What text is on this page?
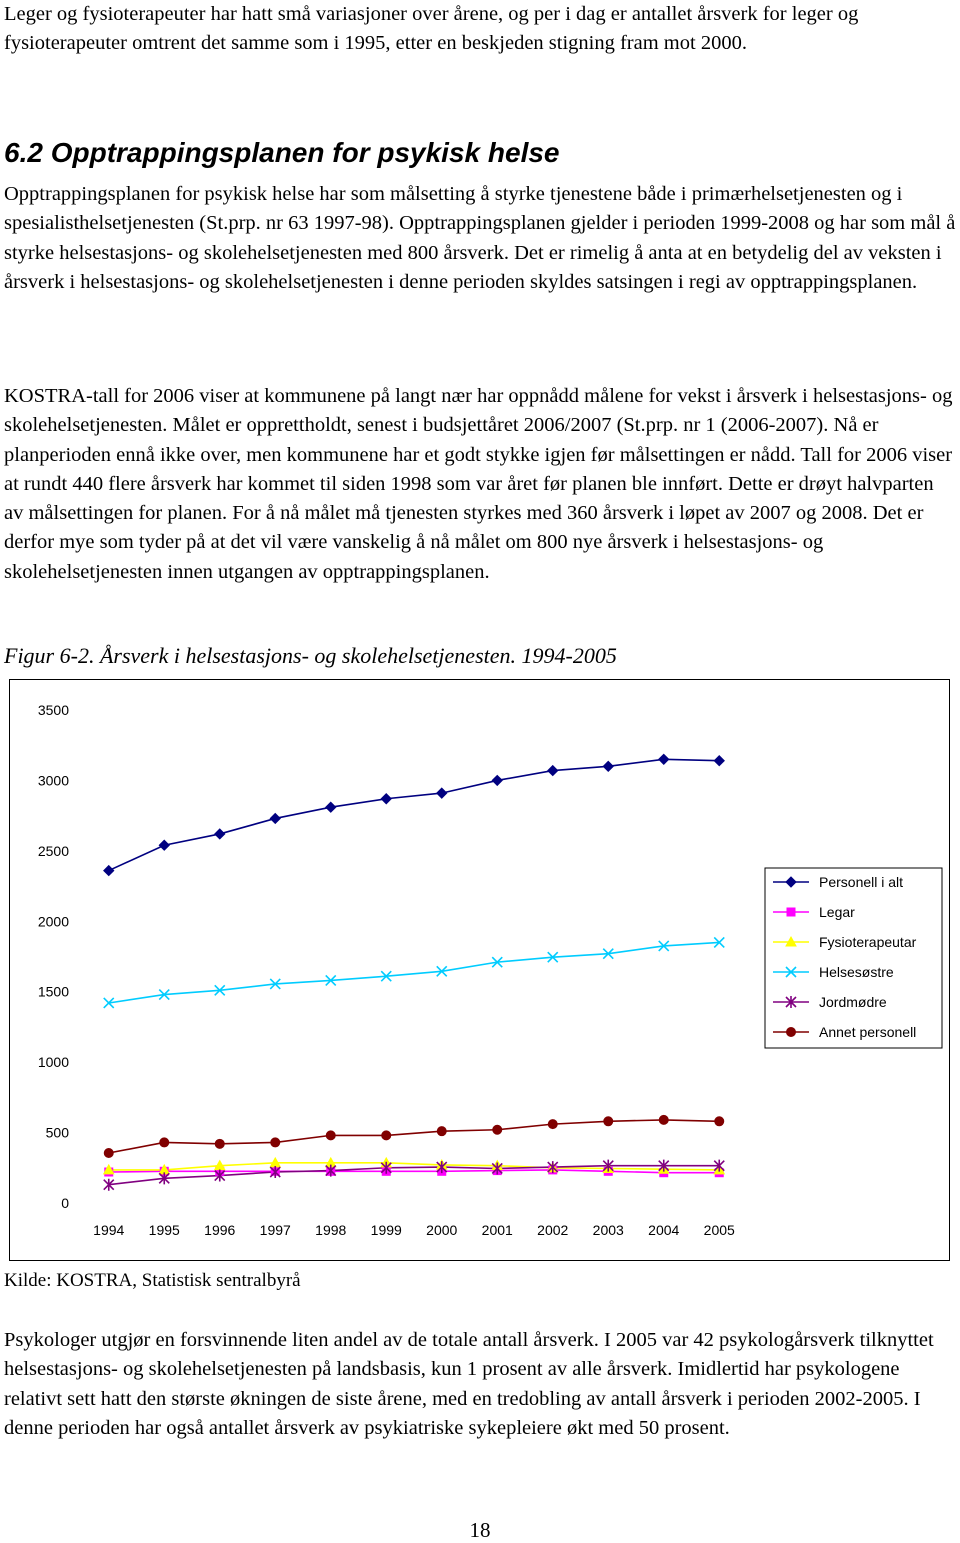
Leger og fysioterapeuter har hatt små variasjoner over årene, og per i dag er antallet årsverk for leger og fysioterapeuter omtrent det samme som i 1995, etter en beskjeden stigning fram mot 2000.

6.2 Opptrappingsplanen for psykisk helse

Opptrappingsplanen for psykisk helse har som målsetting å styrke tjenestene både i primærhelsetjenesten og i spesialisthelsetjenesten (St.prp. nr 63 1997-98). Opptrappingsplanen gjelder i perioden 1999-2008 og har som mål å styrke helsestasjons- og skolehelsetjenesten med 800 årsverk. Det er rimelig å anta at en betydelig del av veksten i årsverk i helsestasjons- og skolehelsetjenesten i denne perioden skyldes satsingen i regi av opptrappingsplanen.

KOSTRA-tall for 2006 viser at kommunene på langt nær har oppnådd målene for vekst i årsverk i helsestasjons- og skolehelsetjenesten. Målet er opprettholdt, senest i budsjettåret 2006/2007 (St.prp. nr 1 (2006-2007). Nå er planperioden ennå ikke over, men kommunene har et godt stykke igjen før målsettingen er nådd. Tall for 2006 viser at rundt 440 flere årsverk har kommet til siden 1998 som var året før planen ble innført. Dette er drøyt halvparten av målsettingen for planen. For å nå målet må tjenesten styrkes med 360 årsverk i løpet av 2007 og 2008. Det er derfor mye som tyder på at det vil være vanskelig å nå målet om 800 nye årsverk i helsestasjons- og skolehelsetjenesten innen utgangen av opptrappingsplanen.

Figur 6-2. Årsverk i helsestasjons- og skolehelsetjenesten. 1994-2005

0
500
1000
1500
2000
2500
3000
3500
1994 1995 1996 1997 1998 1999 2000 2001 2002 2003 2004 2005
Personell i alt
Legar
Fysioterapeutar
Helsesøstre
Jordmødre
Annet personell

Kilde: KOSTRA, Statistisk sentralbyrå

Psykologer utgjør en forsvinnende liten andel av de totale antall årsverk. I 2005 var 42 psykologårsverk tilknyttet helsestasjons- og skolehelsetjenesten på landsbasis, kun 1 prosent av alle årsverk. Imidlertid har psykologene relativt sett hatt den største økningen de siste årene, med en tredobling av antall årsverk i perioden 2002-2005. I denne perioden har også antallet årsverk av psykiatriske sykepleiere økt med 50 prosent.

18
